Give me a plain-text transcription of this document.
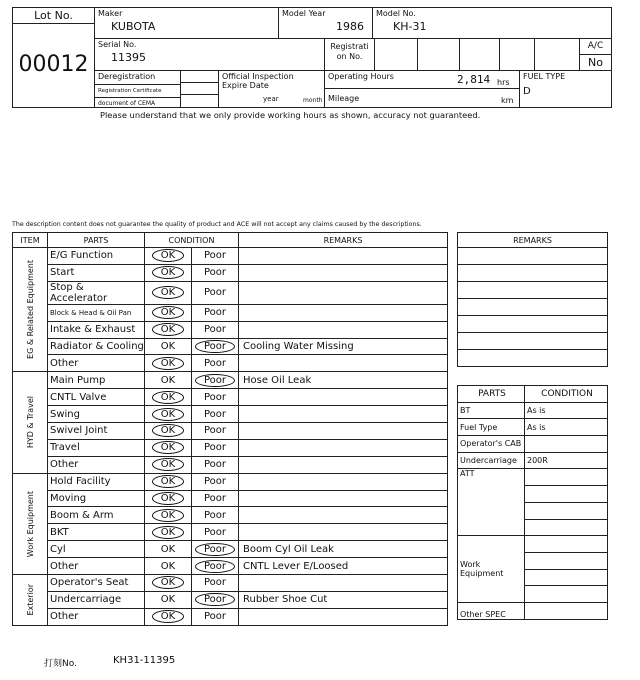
Lot No.
00012
Maker
KUBOTA
Model Year
1986
Model No.
KH-31
Serial No.
11395
Registrati on No.
A/C
No
Deregistration
Registration Certificate
document of CEMA
Official Inspection Expire Date
year	month
Operating Hours	2,814 hrs
Mileage	km
FUEL TYPE
D
Please understand that we only provide working hours as shown, accuracy not guaranteed.
The description content does not guarantee the quality of product and ACE will not accept any claims caused by the descriptions.
ITEM	PARTS	CONDITION		REMARKS

EG & Related Equipment	E/G Function	OK	Poor	
	Start	OK	Poor	
	Stop & Accelerator	OK	Poor	
	Block & Head & Oil Pan	OK	Poor	
	Intake & Exhaust	OK	Poor	
	Radiator & Cooling	OK	Poor	Cooling Water Missing
	Other	OK	Poor	

HYD & Travel	Main Pump	OK	Poor	Hose Oil Leak
	CNTL Valve	OK	Poor	
	Swing	OK	Poor	
	Swivel Joint	OK	Poor	
	Travel	OK	Poor	
	Other	OK	Poor	

Work Equipment	Hold Facility	OK	Poor	
	Moving	OK	Poor	
	Boom & Arm	OK	Poor	
	BKT	OK	Poor	
	Cyl	OK	Poor	Boom Cyl Oil Leak
	Other	OK	Poor	CNTL Lever E/Loosed

Exterior	Operator's Seat	OK	Poor	
	Undercarriage	OK	Poor	Rubber Shoe Cut
	Other	OK	Poor	
REMARKS

PARTS	CONDITION
BT	As is
Fuel Type	As is
Operator's CAB	
Undercarriage	200R
ATT	

Work Equipment	

Other SPEC	
打刻No.	KH31-11395
